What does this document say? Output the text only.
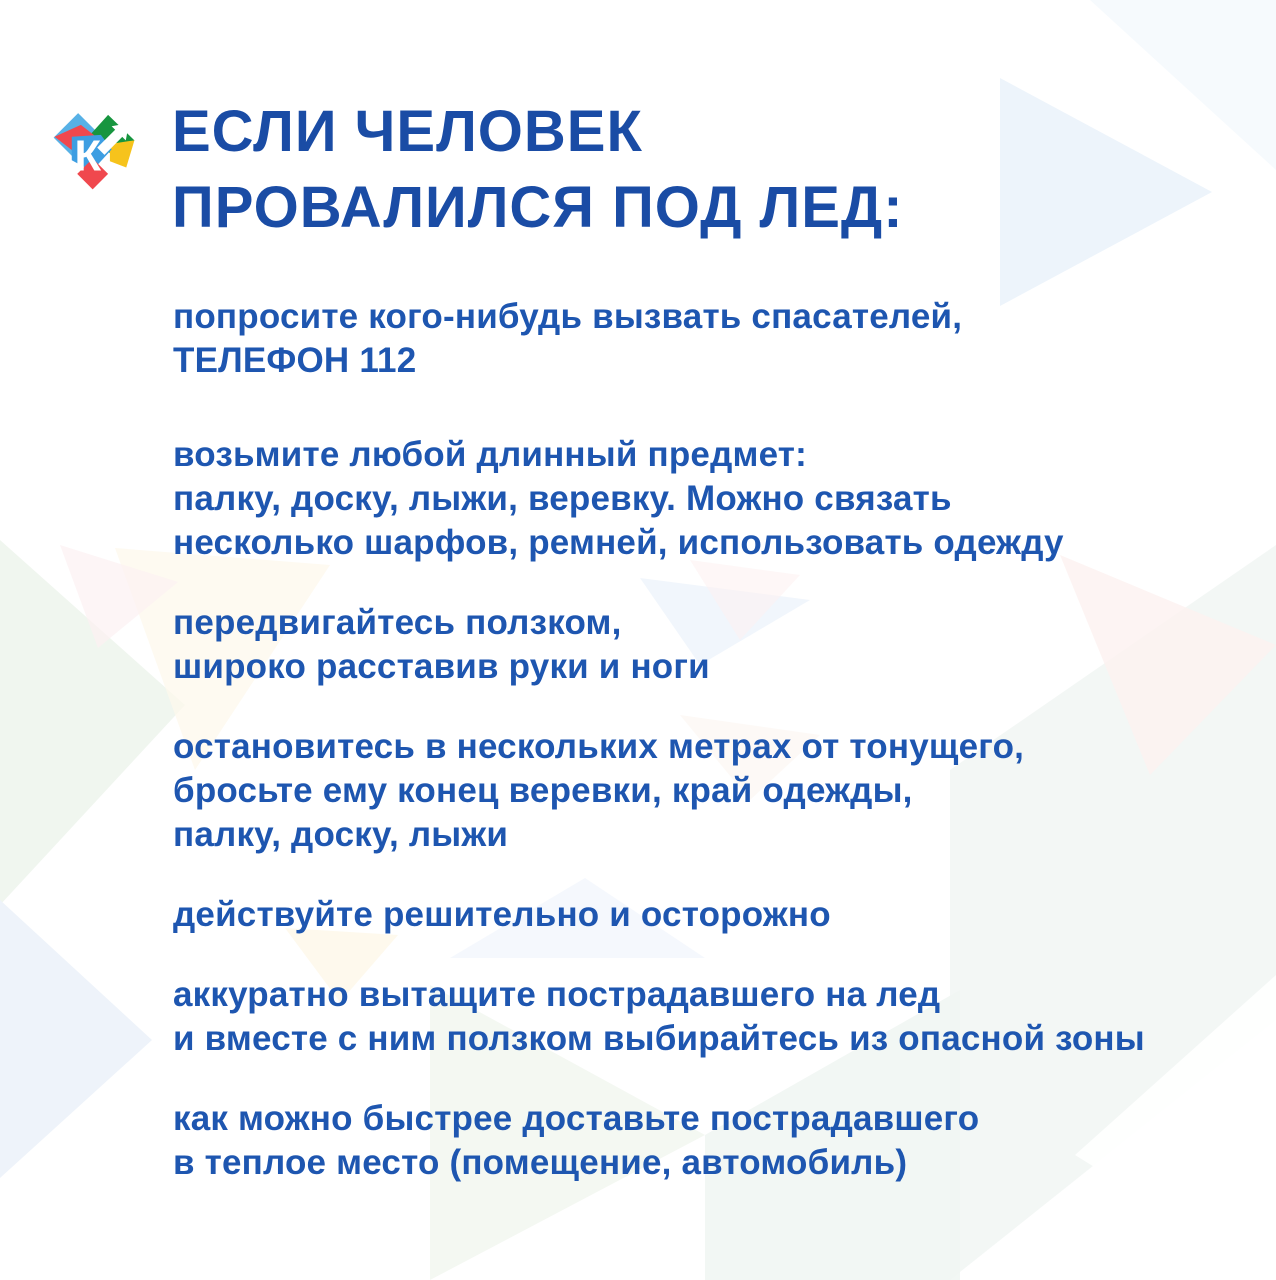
К ЕСЛИ ЧЕЛОВЕК
ПРОВАЛИЛСЯ ПОД ЛЕД:
попросите кого-нибудь вызвать спасателей,
ТЕЛЕФОН 112
возьмите любой длинный предмет:
палку, доску, лыжи, веревку. Можно связать
несколько шарфов, ремней, использовать одежду
передвигайтесь ползком,
широко расставив руки и ноги
остановитесь в нескольких метрах от тонущего,
бросьте ему конец веревки, край одежды,
палку, доску, лыжи
действуйте решительно и осторожно
аккуратно вытащите пострадавшего на лед
и вместе с ним ползком выбирайтесь из опасной зоны
как можно быстрее доставьте пострадавшего
в теплое место (помещение, автомобиль)
